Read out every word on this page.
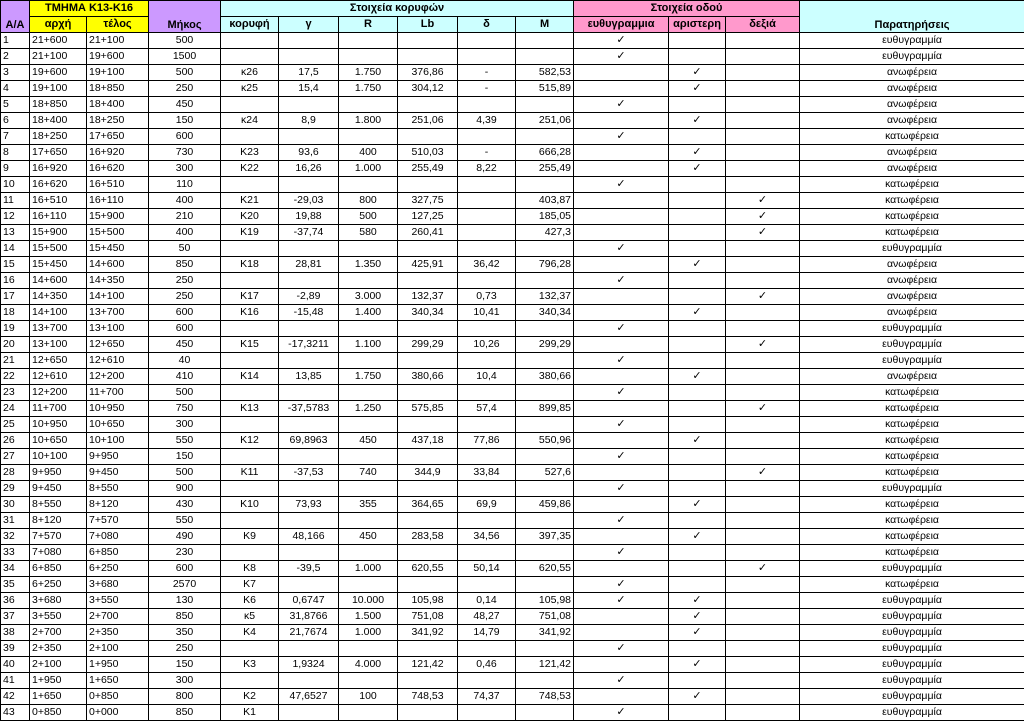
Α/Α	ΤΜΗΜΑ Κ13-Κ16		Μήκος	Στοιχεία κορυφών						Στοιχεία οδού			Παρατηρήσεις
	αρχή	τέλος		κορυφή	γ	R	Lb	δ	M	ευθυγραμμια	αριστερη	δεξιά	
1	21+600	21+100	500							✓			ευθυγραμμία
2	21+100	19+600	1500							✓			ευθυγραμμία
3	19+600	19+100	500	κ26	17,5	1.750	376,86	-	582,53		✓		ανωφέρεια
4	19+100	18+850	250	κ25	15,4	1.750	304,12	-	515,89		✓		ανωφέρεια
5	18+850	18+400	450							✓			ανωφέρεια
6	18+400	18+250	150	κ24	8,9	1.800	251,06	4,39	251,06		✓		ανωφέρεια
7	18+250	17+650	600							✓			κατωφέρεια
8	17+650	16+920	730	K23	93,6	400	510,03	-	666,28		✓		ανωφέρεια
9	16+920	16+620	300	K22	16,26	1.000	255,49	8,22	255,49		✓		ανωφέρεια
10	16+620	16+510	110							✓			κατωφέρεια
11	16+510	16+110	400	K21	-29,03	800	327,75		403,87			✓	κατωφέρεια
12	16+110	15+900	210	K20	19,88	500	127,25		185,05			✓	κατωφέρεια
13	15+900	15+500	400	K19	-37,74	580	260,41		427,3			✓	κατωφέρεια
14	15+500	15+450	50							✓			ευθυγραμμία
15	15+450	14+600	850	K18	28,81	1.350	425,91	36,42	796,28		✓		ανωφέρεια
16	14+600	14+350	250							✓			ανωφέρεια
17	14+350	14+100	250	K17	-2,89	3.000	132,37	0,73	132,37			✓	ανωφέρεια
18	14+100	13+700	600	K16	-15,48	1.400	340,34	10,41	340,34		✓		ανωφέρεια
19	13+700	13+100	600							✓			ευθυγραμμία
20	13+100	12+650	450	K15	-17,3211	1.100	299,29	10,26	299,29			✓	ευθυγραμμία
21	12+650	12+610	40							✓			ευθυγραμμία
22	12+610	12+200	410	K14	13,85	1.750	380,66	10,4	380,66		✓		ανωφέρεια
23	12+200	11+700	500							✓			κατωφέρεια
24	11+700	10+950	750	K13	-37,5783	1.250	575,85	57,4	899,85			✓	κατωφέρεια
25	10+950	10+650	300							✓			κατωφέρεια
26	10+650	10+100	550	K12	69,8963	450	437,18	77,86	550,96		✓		κατωφέρεια
27	10+100	9+950	150							✓			κατωφέρεια
28	9+950	9+450	500	K11	-37,53	740	344,9	33,84	527,6			✓	κατωφέρεια
29	9+450	8+550	900							✓			ευθυγραμμία
30	8+550	8+120	430	K10	73,93	355	364,65	69,9	459,86		✓		κατωφέρεια
31	8+120	7+570	550							✓			κατωφέρεια
32	7+570	7+080	490	K9	48,166	450	283,58	34,56	397,35		✓		κατωφέρεια
33	7+080	6+850	230							✓			κατωφέρεια
34	6+850	6+250	600	K8	-39,5	1.000	620,55	50,14	620,55			✓	ευθυγραμμία
35	6+250	3+680	2570	K7						✓			κατωφέρεια
36	3+680	3+550	130	K6	0,6747	10.000	105,98	0,14	105,98	✓	✓		ευθυγραμμία
37	3+550	2+700	850	κ5	31,8766	1.500	751,08	48,27	751,08		✓		ευθυγραμμία
38	2+700	2+350	350	K4	21,7674	1.000	341,92	14,79	341,92		✓		ευθυγραμμία
39	2+350	2+100	250							✓			ευθυγραμμία
40	2+100	1+950	150	K3	1,9324	4.000	121,42	0,46	121,42		✓		ευθυγραμμία
41	1+950	1+650	300							✓			ευθυγραμμία
42	1+650	0+850	800	K2	47,6527	100	748,53	74,37	748,53		✓		ευθυγραμμία
43	0+850	0+000	850	K1						✓			ευθυγραμμία
